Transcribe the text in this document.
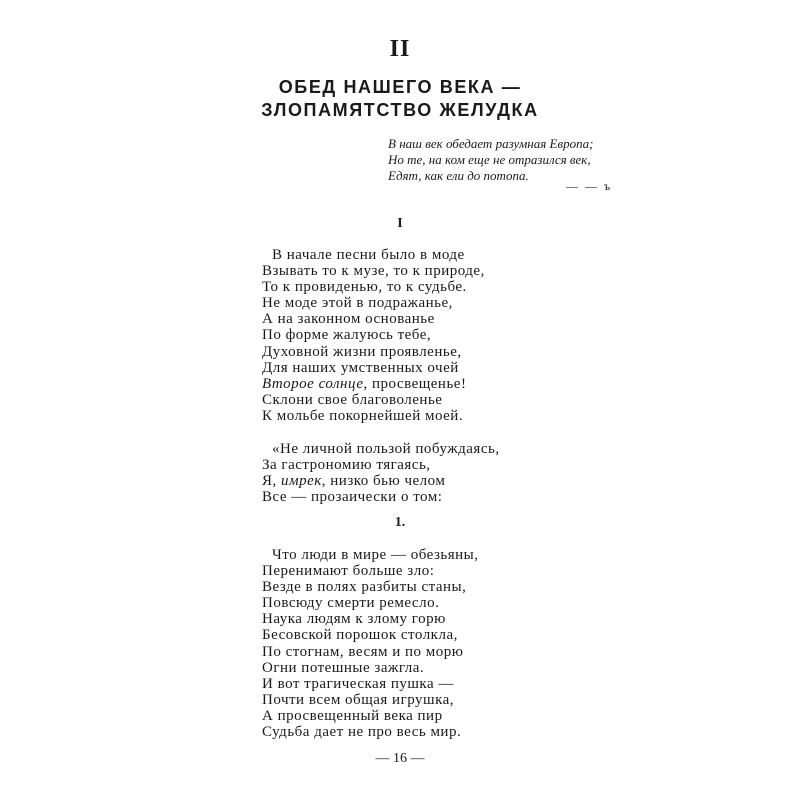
II
ОБЕД НАШЕГО ВЕКА —
ЗЛОПАМЯТСТВО ЖЕЛУДКА
В наш век обедает разумная Европа;
Но те, на ком еще не отразился век,
Едят, как ели до потопа.
— — ъ
I
В начале песни было в моде
Взывать то к музе, то к природе,
То к провиденью, то к судьбе.
Не моде этой в подражанье,
А на законном основанье
По форме жалуюсь тебе,
Духовной жизни проявленье,
Для наших умственных очей
Второе солнце, просвещенье!
Склони свое благоволенье
К мольбе покорнейшей моей.
«Не личной пользой побуждаясь,
За гастрономию тягаясь,
Я, имрек, низко бью челом
Все — прозаически о том:
1.
Что люди в мире — обезьяны,
Перенимают больше зло:
Везде в полях разбиты станы,
Повсюду смерти ремесло.
Наука людям к злому горю
Бесовской порошок столкла,
По стогнам, весям и по морю
Огни потешные зажгла.
И вот трагическая пушка —
Почти всем общая игрушка,
А просвещенный века пир
Судьба дает не про весь мир.
— 16 —
